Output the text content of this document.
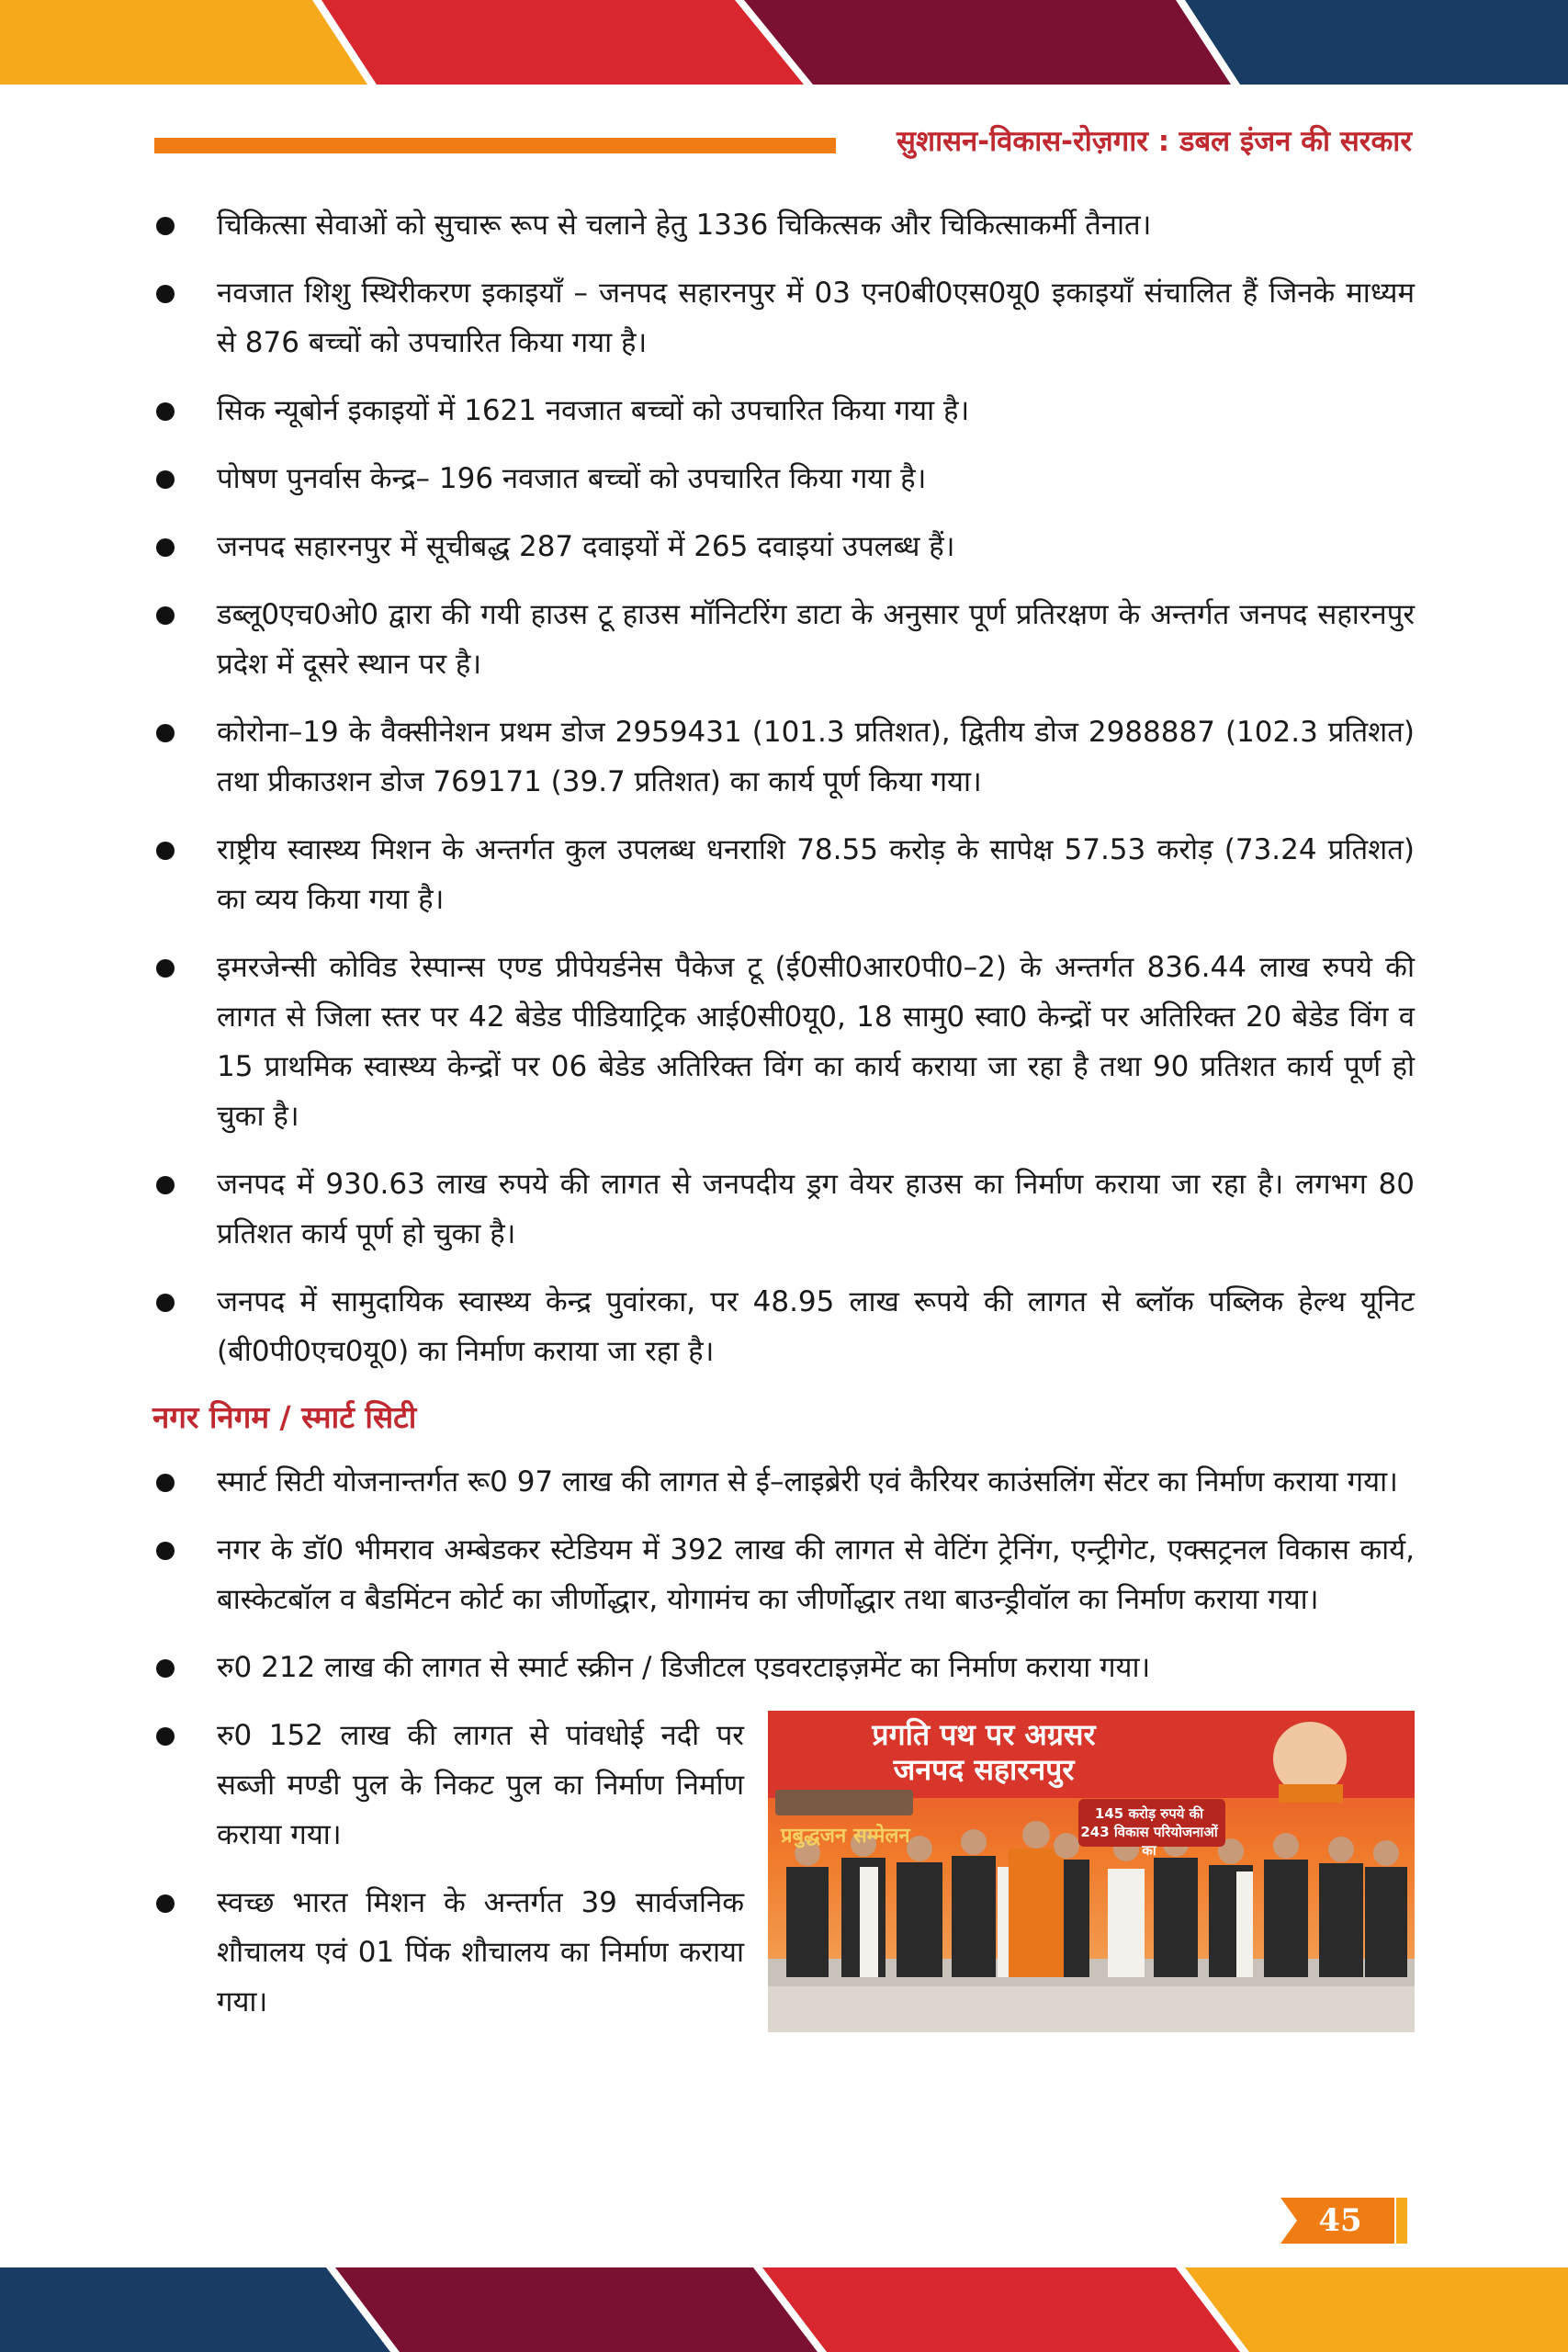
सुशासन-विकास-रोज़गार : डबल इंजन की सरकार
चिकित्सा सेवाओं को सुचारू रूप से चलाने हेतु 1336 चिकित्सक और चिकित्साकर्मी तैनात।
नवजात शिशु स्थिरीकरण इकाइयाँ – जनपद सहारनपुर में 03 एन0बी0एस0यू0 इकाइयाँ संचालित हैं जिनके माध्यम से 876 बच्चों को उपचारित किया गया है।
सिक न्यूबोर्न इकाइयों में 1621 नवजात बच्चों को उपचारित किया गया है।
पोषण पुनर्वास केन्द्र– 196 नवजात बच्चों को उपचारित किया गया है।
जनपद सहारनपुर में सूचीबद्ध 287 दवाइयों में 265 दवाइयां उपलब्ध हैं।
डब्लू0एच0ओ0 द्वारा की गयी हाउस टू हाउस मॉनिटरिंग डाटा के अनुसार पूर्ण प्रतिरक्षण के अन्तर्गत जनपद सहारनपुर प्रदेश में दूसरे स्थान पर है।
कोरोना–19 के वैक्सीनेशन प्रथम डोज 2959431 (101.3 प्रतिशत), द्वितीय डोज 2988887 (102.3 प्रतिशत) तथा प्रीकाउशन डोज 769171 (39.7 प्रतिशत) का कार्य पूर्ण किया गया।
राष्ट्रीय स्वास्थ्य मिशन के अन्तर्गत कुल उपलब्ध धनराशि 78.55 करोड़ के सापेक्ष 57.53 करोड़ (73.24 प्रतिशत) का व्यय किया गया है।
इमरजेन्सी कोविड रेस्पान्स एण्ड प्रीपेयर्डनेस पैकेज टू (ई0सी0आर0पी0–2) के अन्तर्गत 836.44 लाख रुपये की लागत से जिला स्तर पर 42 बेडेड पीडियाट्रिक आई0सी0यू0, 18 सामु0 स्वा0 केन्द्रों पर अतिरिक्त 20 बेडेड विंग व 15 प्राथमिक स्वास्थ्य केन्द्रों पर 06 बेडेड अतिरिक्त विंग का कार्य कराया जा रहा है तथा 90 प्रतिशत कार्य पूर्ण हो चुका है।
जनपद में 930.63 लाख रुपये की लागत से जनपदीय ड्रग वेयर हाउस का निर्माण कराया जा रहा है। लगभग 80 प्रतिशत कार्य पूर्ण हो चुका है।
जनपद में सामुदायिक स्वास्थ्य केन्द्र पुवांरका, पर 48.95 लाख रूपये की लागत से ब्लॉक पब्लिक हेल्थ यूनिट (बी0पी0एच0यू0) का निर्माण कराया जा रहा है।
नगर निगम / स्मार्ट सिटी
स्मार्ट सिटी योजनान्तर्गत रू0 97 लाख की लागत से ई–लाइब्रेरी एवं कैरियर काउंसलिंग सेंटर का निर्माण कराया गया।
नगर के डॉ0 भीमराव अम्बेडकर स्टेडियम में 392 लाख की लागत से वेटिंग ट्रेनिंग, एन्ट्रीगेट, एक्सट्रनल विकास कार्य, बास्केटबॉल व बैडमिंटन कोर्ट का जीर्णोद्धार, योगामंच का जीर्णोद्धार तथा बाउन्ड्रीवॉल का निर्माण कराया गया।
रु0 212 लाख की लागत से स्मार्ट स्क्रीन / डिजीटल एडवरटाइज़मेंट का निर्माण कराया गया।
रु0 152 लाख की लागत से पांवधोई नदी पर सब्जी मण्डी पुल के निकट पुल का निर्माण निर्माण कराया गया।
स्वच्छ भारत मिशन के अन्तर्गत 39 सार्वजनिक शौचालय एवं 01 पिंक शौचालय का निर्माण कराया गया।
प्रगति पथ पर अग्रसर
जनपद सहारनपुर
प्रबुद्धजन सम्मेलन
145 करोड़ रुपये की 243 विकास परियोजनाओं का
45
